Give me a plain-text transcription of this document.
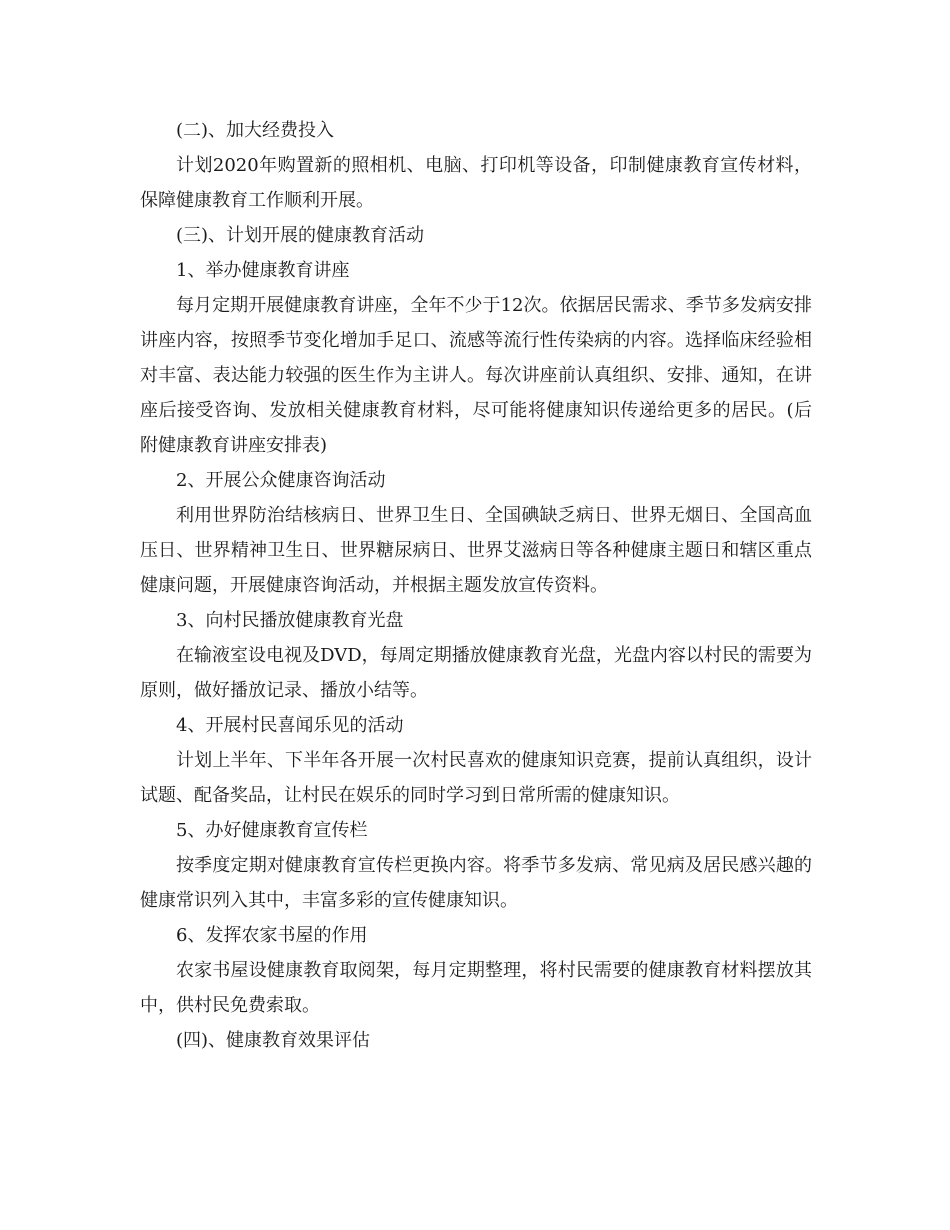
(二)、加大经费投入
计划2020年购置新的照相机、电脑、打印机等设备，印制健康教育宣传材料，保障健康教育工作顺利开展。
(三)、计划开展的健康教育活动
1、举办健康教育讲座
每月定期开展健康教育讲座，全年不少于12次。依据居民需求、季节多发病安排讲座内容，按照季节变化增加手足口、流感等流行性传染病的内容。选择临床经验相对丰富、表达能力较强的医生作为主讲人。每次讲座前认真组织、安排、通知，在讲座后接受咨询、发放相关健康教育材料，尽可能将健康知识传递给更多的居民。(后附健康教育讲座安排表)
2、开展公众健康咨询活动
利用世界防治结核病日、世界卫生日、全国碘缺乏病日、世界无烟日、全国高血压日、世界精神卫生日、世界糖尿病日、世界艾滋病日等各种健康主题日和辖区重点健康问题，开展健康咨询活动，并根据主题发放宣传资料。
3、向村民播放健康教育光盘
在输液室设电视及DVD，每周定期播放健康教育光盘，光盘内容以村民的需要为原则，做好播放记录、播放小结等。
4、开展村民喜闻乐见的活动
计划上半年、下半年各开展一次村民喜欢的健康知识竞赛，提前认真组织，设计试题、配备奖品，让村民在娱乐的同时学习到日常所需的健康知识。
5、办好健康教育宣传栏
按季度定期对健康教育宣传栏更换内容。将季节多发病、常见病及居民感兴趣的健康常识列入其中，丰富多彩的宣传健康知识。
6、发挥农家书屋的作用
农家书屋设健康教育取阅架，每月定期整理，将村民需要的健康教育材料摆放其中，供村民免费索取。
(四)、健康教育效果评估
